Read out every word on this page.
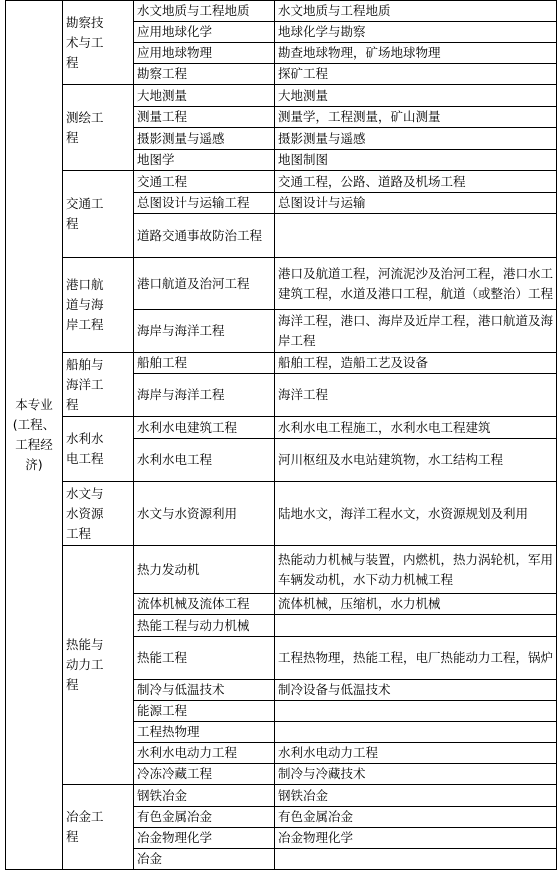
本专业(工程、工程经济)	勘察技术与工程	水文地质与工程地质	水文地质与工程地质
		应用地球化学	地球化学与勘察
		应用地球物理	勘查地球物理，矿场地球物理
		勘察工程	探矿工程

	测绘工程	大地测量	大地测量
		测量工程	测量学，工程测量，矿山测量
		摄影测量与遥感	摄影测量与遥感
		地图学	地图制图

	交通工程	交通工程	交通工程，公路、道路及机场工程
		总图设计与运输工程	总图设计与运输
		道路交通事故防治工程	

	港口航道与海岸工程	港口航道及治河工程	港口及航道工程，河流泥沙及治河工程，港口水工建筑工程，水道及港口工程，航道（或整治）工程
		海岸与海洋工程	海洋工程，港口、海岸及近岸工程，港口航道及海岸工程

	船舶与海洋工程	船舶工程	船舶工程，造船工艺及设备
		海岸与海洋工程	海洋工程

	水利水电工程	水利水电建筑工程	水利水电工程施工，水利水电工程建筑
		水利水电工程	河川枢纽及水电站建筑物，水工结构工程

	水文与水资源工程	水文与水资源利用	陆地水文，海洋工程水文，水资源规划及利用

	热能与动力工程	热力发动机	热能动力机械与装置，内燃机，热力涡轮机，军用车辆发动机，水下动力机械工程
		流体机械及流体工程	流体机械，压缩机，水力机械
		热能工程与动力机械	
		热能工程	工程热物理，热能工程，电厂热能动力工程，锅炉
		制冷与低温技术	制冷设备与低温技术
		能源工程	
		工程热物理	
		水利水电动力工程	水利水电动力工程
		冷冻冷藏工程	制冷与冷藏技术

	冶金工程	钢铁冶金	钢铁冶金
		有色金属冶金	有色金属冶金
		冶金物理化学	冶金物理化学
		冶金	
